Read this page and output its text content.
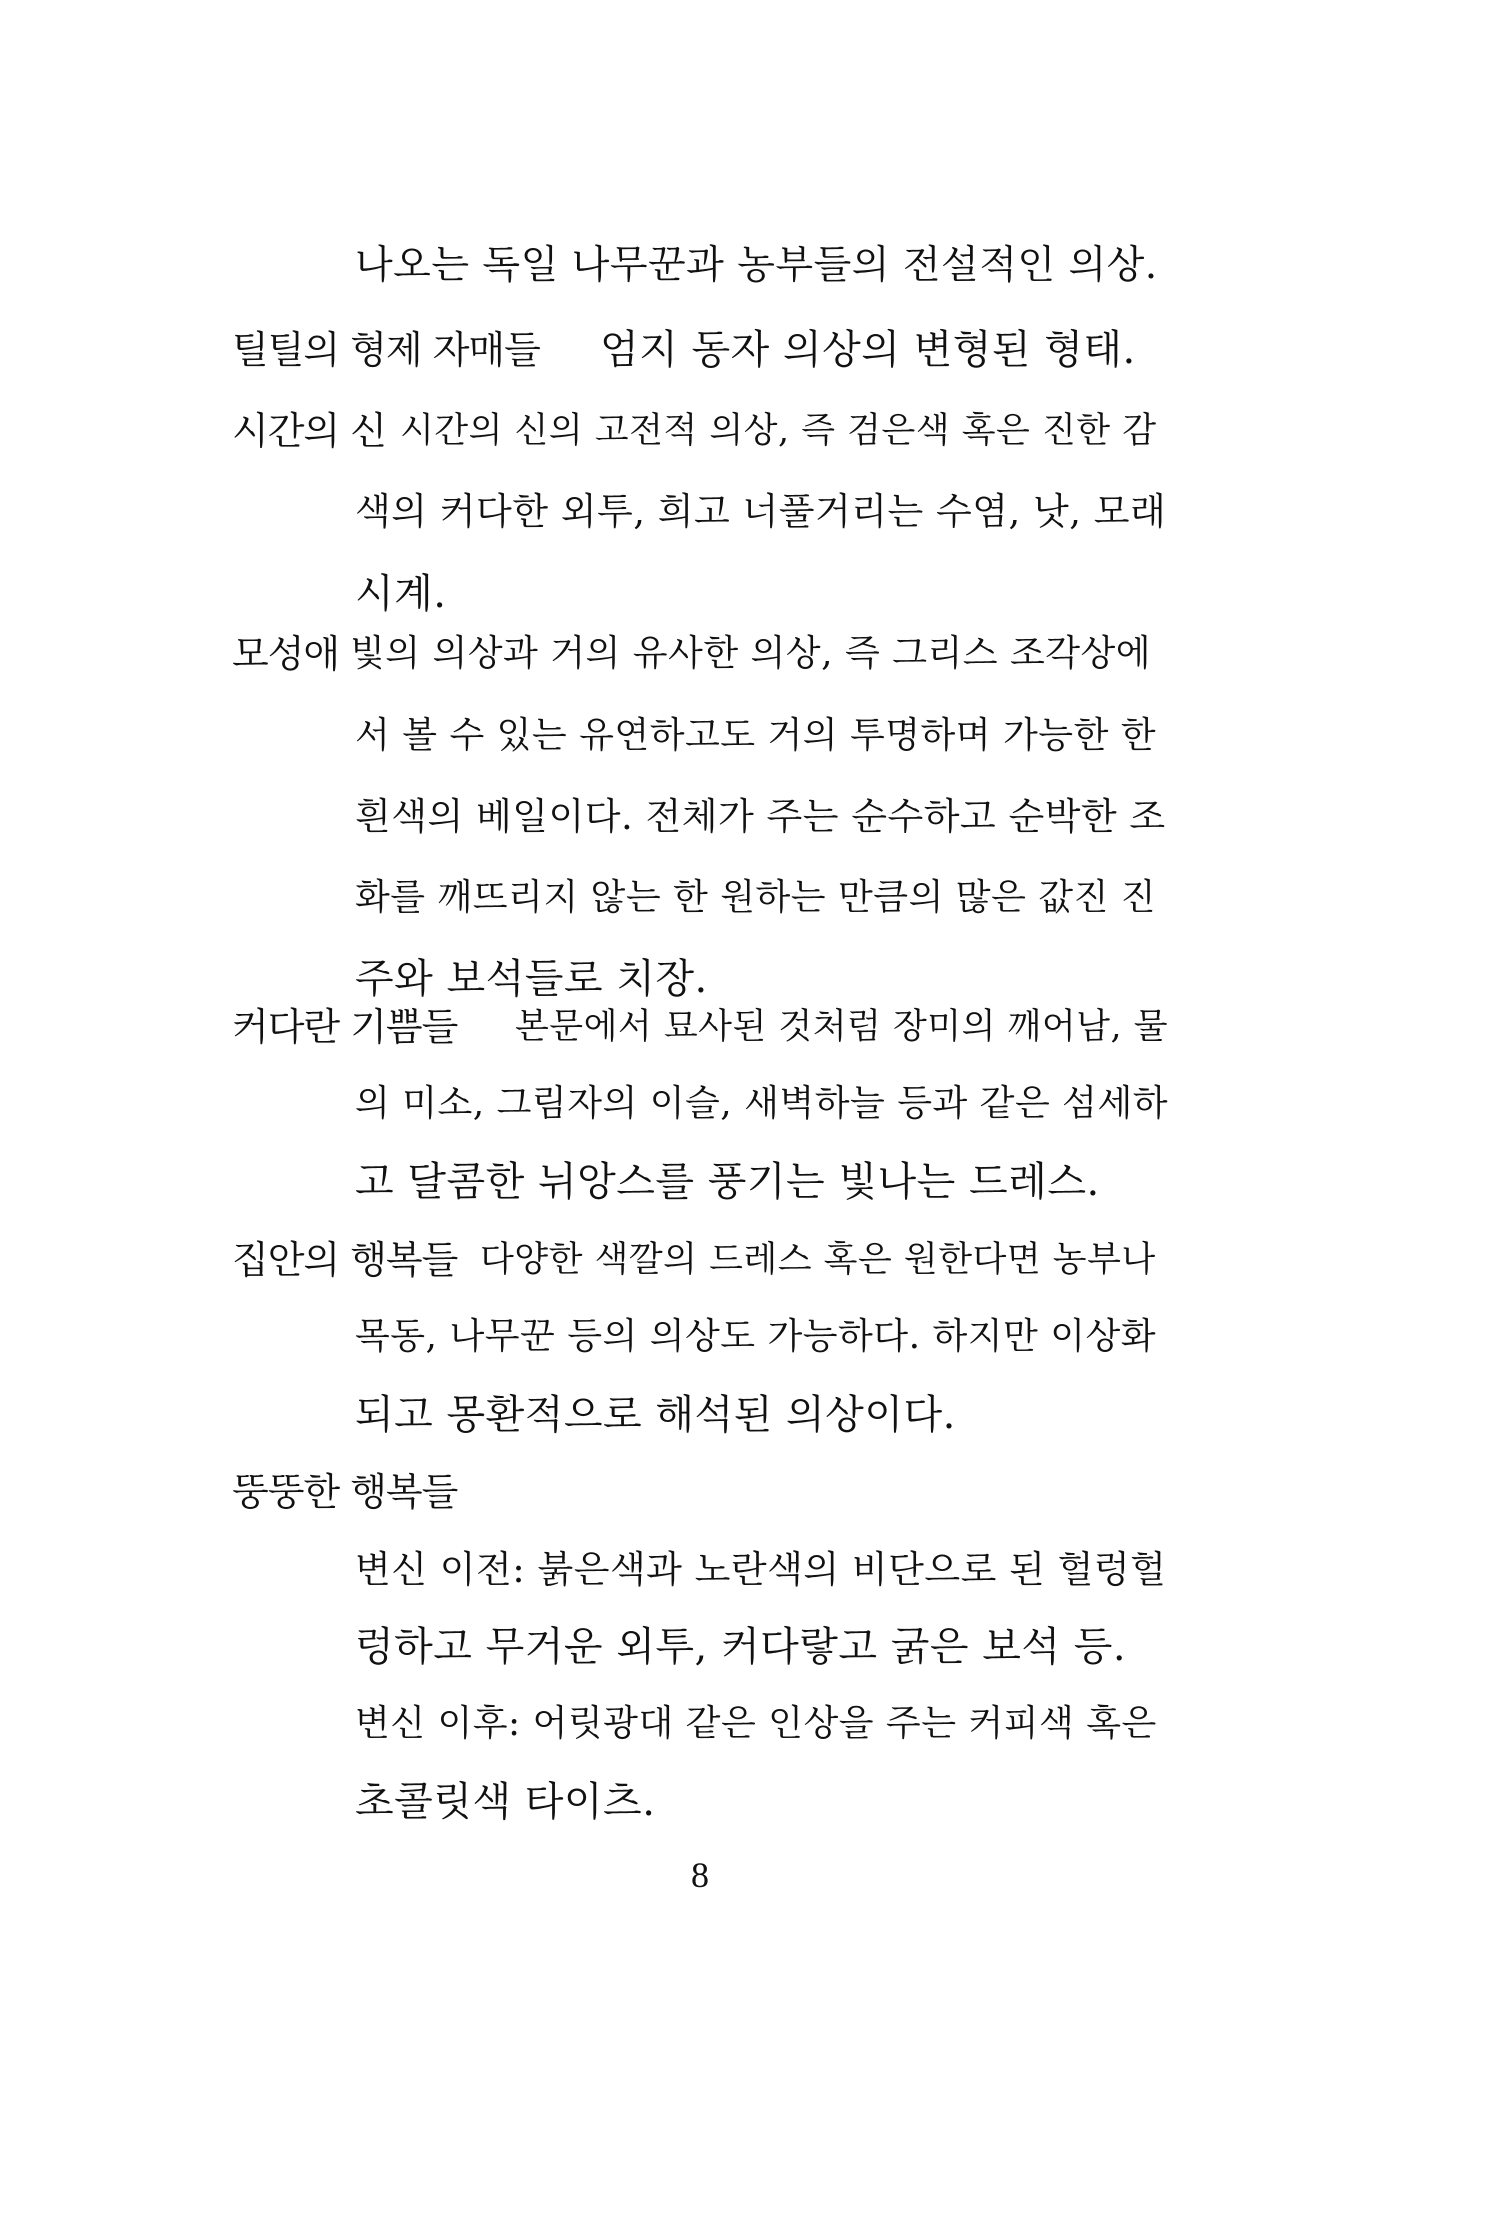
나오는 독일 나무꾼과 농부들의 전설적인 의상.
틸틸의 형제 자매들 엄지 동자 의상의 변형된 형태.
시간의 신 시간의 신의 고전적 의상, 즉 검은색 혹은 진한 감
색의 커다한 외투, 희고 너풀거리는 수염, 낫, 모래
시계.
모성애 빛의 의상과 거의 유사한 의상, 즉 그리스 조각상에
서 볼 수 있는 유연하고도 거의 투명하며 가능한 한
흰색의 베일이다. 전체가 주는 순수하고 순박한 조
화를 깨뜨리지 않는 한 원하는 만큼의 많은 값진 진
주와 보석들로 치장.
커다란 기쁨들 본문에서 묘사된 것처럼 장미의 깨어남, 물
의 미소, 그림자의 이슬, 새벽하늘 등과 같은 섬세하
고 달콤한 뉘앙스를 풍기는 빛나는 드레스.
집안의 행복들 다양한 색깔의 드레스 혹은 원한다면 농부나
목동, 나무꾼 등의 의상도 가능하다. 하지만 이상화
되고 몽환적으로 해석된 의상이다.
뚱뚱한 행복들
변신 이전: 붉은색과 노란색의 비단으로 된 헐렁헐
렁하고 무거운 외투, 커다랗고 굵은 보석 등.
변신 이후: 어릿광대 같은 인상을 주는 커피색 혹은
초콜릿색 타이츠.
8
